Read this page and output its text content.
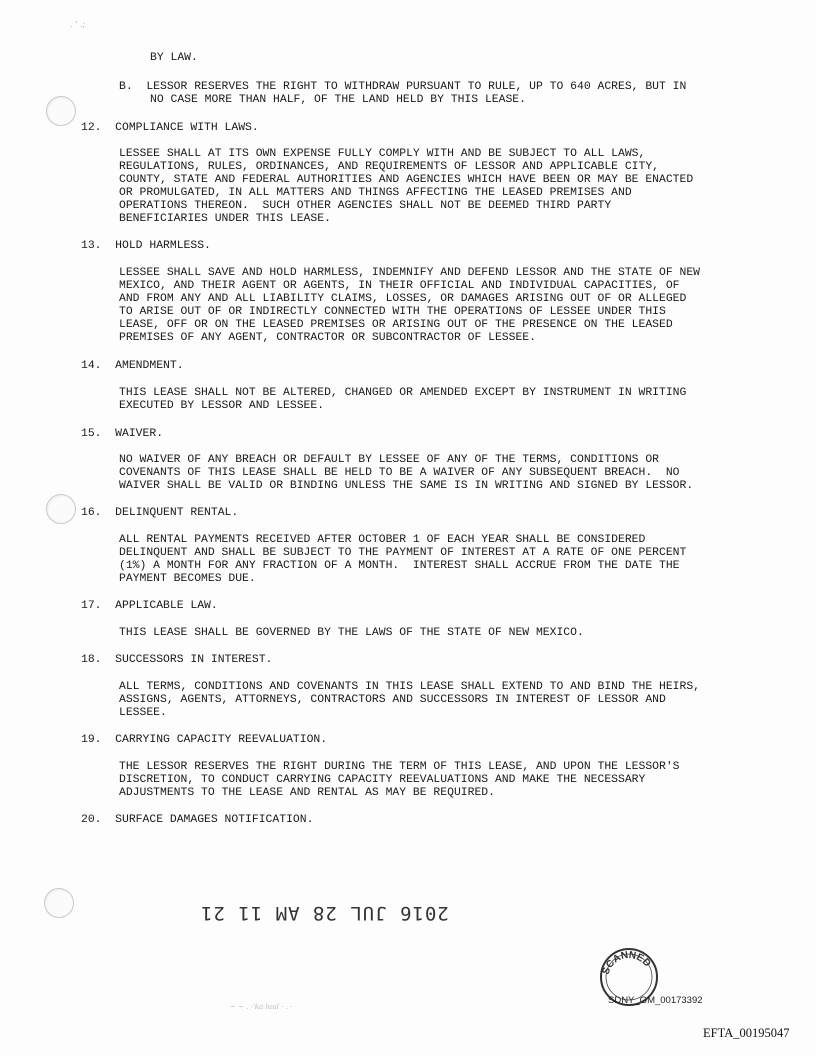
. ' .;
BY LAW.
B.  LESSOR RESERVES THE RIGHT TO WITHDRAW PURSUANT TO RULE, UP TO 640 ACRES, BUT IN
NO CASE MORE THAN HALF, OF THE LAND HELD BY THIS LEASE.
12.  COMPLIANCE WITH LAWS.
LESSEE SHALL AT ITS OWN EXPENSE FULLY COMPLY WITH AND BE SUBJECT TO ALL LAWS,
REGULATIONS, RULES, ORDINANCES, AND REQUIREMENTS OF LESSOR AND APPLICABLE CITY,
COUNTY, STATE AND FEDERAL AUTHORITIES AND AGENCIES WHICH HAVE BEEN OR MAY BE ENACTED
OR PROMULGATED, IN ALL MATTERS AND THINGS AFFECTING THE LEASED PREMISES AND
OPERATIONS THEREON.  SUCH OTHER AGENCIES SHALL NOT BE DEEMED THIRD PARTY
BENEFICIARIES UNDER THIS LEASE.
13.  HOLD HARMLESS.
LESSEE SHALL SAVE AND HOLD HARMLESS, INDEMNIFY AND DEFEND LESSOR AND THE STATE OF NEW
MEXICO, AND THEIR AGENT OR AGENTS, IN THEIR OFFICIAL AND INDIVIDUAL CAPACITIES, OF
AND FROM ANY AND ALL LIABILITY CLAIMS, LOSSES, OR DAMAGES ARISING OUT OF OR ALLEGED
TO ARISE OUT OF OR INDIRECTLY CONNECTED WITH THE OPERATIONS OF LESSEE UNDER THIS
LEASE, OFF OR ON THE LEASED PREMISES OR ARISING OUT OF THE PRESENCE ON THE LEASED
PREMISES OF ANY AGENT, CONTRACTOR OR SUBCONTRACTOR OF LESSEE.
14.  AMENDMENT.
THIS LEASE SHALL NOT BE ALTERED, CHANGED OR AMENDED EXCEPT BY INSTRUMENT IN WRITING
EXECUTED BY LESSOR AND LESSEE.
15.  WAIVER.
NO WAIVER OF ANY BREACH OR DEFAULT BY LESSEE OF ANY OF THE TERMS, CONDITIONS OR
COVENANTS OF THIS LEASE SHALL BE HELD TO BE A WAIVER OF ANY SUBSEQUENT BREACH.  NO
WAIVER SHALL BE VALID OR BINDING UNLESS THE SAME IS IN WRITING AND SIGNED BY LESSOR.
16.  DELINQUENT RENTAL.
ALL RENTAL PAYMENTS RECEIVED AFTER OCTOBER 1 OF EACH YEAR SHALL BE CONSIDERED
DELINQUENT AND SHALL BE SUBJECT TO THE PAYMENT OF INTEREST AT A RATE OF ONE PERCENT
(1%) A MONTH FOR ANY FRACTION OF A MONTH.  INTEREST SHALL ACCRUE FROM THE DATE THE
PAYMENT BECOMES DUE.
17.  APPLICABLE LAW.
THIS LEASE SHALL BE GOVERNED BY THE LAWS OF THE STATE OF NEW MEXICO.
18.  SUCCESSORS IN INTEREST.
ALL TERMS, CONDITIONS AND COVENANTS IN THIS LEASE SHALL EXTEND TO AND BIND THE HEIRS,
ASSIGNS, AGENTS, ATTORNEYS, CONTRACTORS AND SUCCESSORS IN INTEREST OF LESSOR AND
LESSEE.
19.  CARRYING CAPACITY REEVALUATION.
THE LESSOR RESERVES THE RIGHT DURING THE TERM OF THIS LEASE, AND UPON THE LESSOR'S
DISCRETION, TO CONDUCT CARRYING CAPACITY REEVALUATIONS AND MAKE THE NECESSARY
ADJUSTMENTS TO THE LEASE AND RENTAL AS MAY BE REQUIRED.
20.  SURFACE DAMAGES NOTIFICATION.
2016 JUL 28 AM 11 21
SCANNED
SDNY_GM_00173392
~ ~ . ·'ka luul · . ·
EFTA_00195047
